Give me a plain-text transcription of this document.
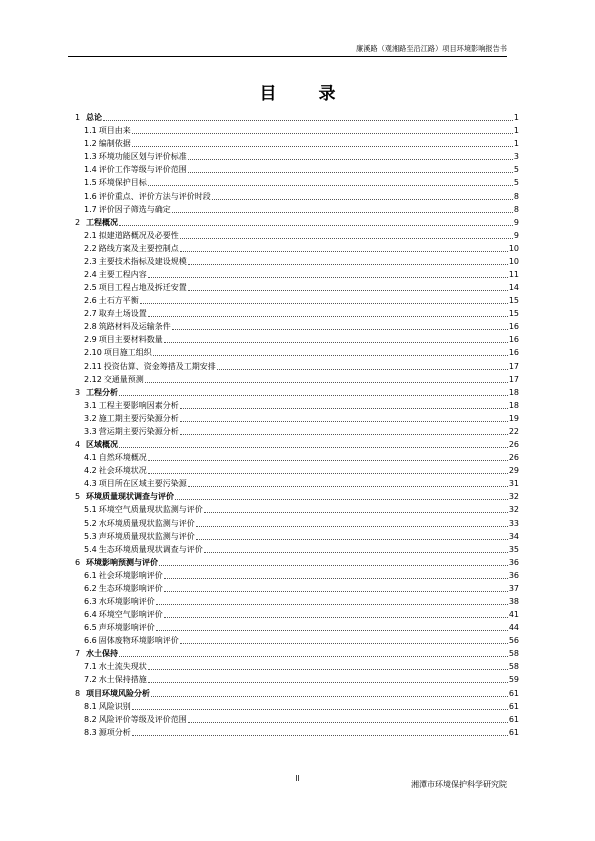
廉溪路（观湘路至沿江路）项目环境影响报告书
目 录
1 总论	1
1.1 项目由来	1
1.2 编制依据	1
1.3 环境功能区划与评价标准	3
1.4 评价工作等级与评价范围	5
1.5 环境保护目标	5
1.6 评价重点、评价方法与评价时段	8
1.7 评价因子筛选与确定	8
2 工程概况	9
2.1 拟建道路概况及必要性	9
2.2 路线方案及主要控制点	10
2.3 主要技术指标及建设规模	10
2.4 主要工程内容	11
2.5 项目工程占地及拆迁安置	14
2.6 土石方平衡	15
2.7 取弃土场设置	15
2.8 筑路材料及运输条件	16
2.9 项目主要材料数量	16
2.10 项目施工组织	16
2.11 投资估算、资金筹措及工期安排	17
2.12 交通量预测	17
3 工程分析	18
3.1 工程主要影响因素分析	18
3.2 施工期主要污染源分析	19
3.3 营运期主要污染源分析	22
4 区域概况	26
4.1 自然环境概况	26
4.2 社会环境状况	29
4.3 项目所在区域主要污染源	31
5 环境质量现状调查与评价	32
5.1 环境空气质量现状监测与评价	32
5.2 水环境质量现状监测与评价	33
5.3 声环境质量现状监测与评价	34
5.4 生态环境质量现状调查与评价	35
6 环境影响预测与评价	36
6.1 社会环境影响评价	36
6.2 生态环境影响评价	37
6.3 水环境影响评价	38
6.4 环境空气影响评价	41
6.5 声环境影响评价	44
6.6 固体废物环境影响评价	56
7 水土保持	58
7.1 水土流失现状	58
7.2 水土保持措施	59
8 项目环境风险分析	61
8.1 风险识别	61
8.2 风险评价等级及评价范围	61
8.3 源项分析	61
II
湘潭市环境保护科学研究院
